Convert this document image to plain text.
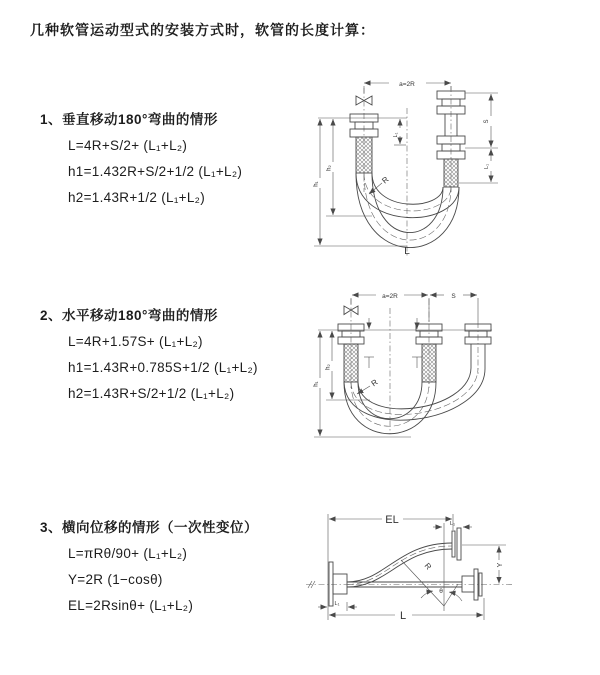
几种软管运动型式的安装方式时，软管的长度计算：
1、垂直移动180°弯曲的情形

L=4R+S/2+ (L₁+L₂)

h1=1.432R+S/2+1/2 (L₁+L₂)

h2=1.43R+1/2 (L₁+L₂)

a=2R
h₁
h₂
L₁
S
L₁
R
L
2、水平移动180°弯曲的情形

L=4R+1.57S+ (L₁+L₂)

h1=1.43R+0.785S+1/2 (L₁+L₂)

h2=1.43R+S/2+1/2 (L₁+L₂)

a=2R	S
h₁
h₂
R
3、横向位移的情形（一次性变位）

L=πRθ/90+ (L₁+L₂)

Y=2R (1−cosθ)

EL=2Rsinθ+ (L₁+L₂)

EL	L₁
Y
R
θ
L₁
L
